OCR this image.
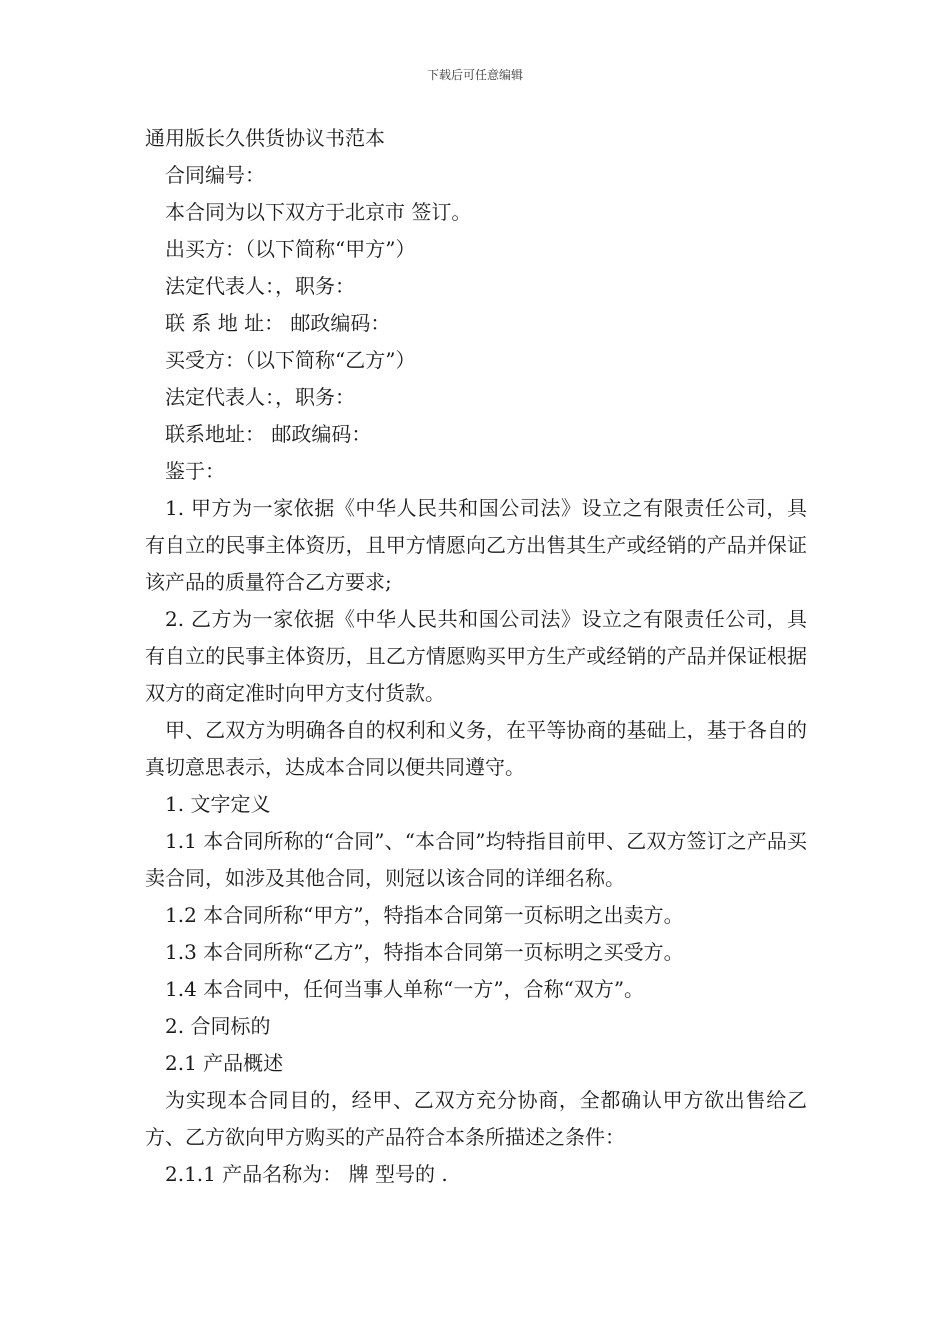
下载后可任意编辑

通用版长久供货协议书范本

合同编号：

本合同为以下双方于北京市 签订。

出买方：（以下简称“甲方”）

法定代表人：，职务：

联 系 地 址： 邮政编码：

买受方：（以下简称“乙方”）

法定代表人：，职务：

联系地址： 邮政编码：

鉴于：

1. 甲方为一家依据《中华人民共和国公司法》设立之有限责任公司，具有自立的民事主体资历，且甲方情愿向乙方出售其生产或经销的产品并保证该产品的质量符合乙方要求;

2. 乙方为一家依据《中华人民共和国公司法》设立之有限责任公司，具有自立的民事主体资历，且乙方情愿购买甲方生产或经销的产品并保证根据双方的商定准时向甲方支付货款。

甲、乙双方为明确各自的权利和义务，在平等协商的基础上，基于各自的真切意思表示，达成本合同以便共同遵守。

1. 文字定义

1.1 本合同所称的“合同”、“本合同”均特指目前甲、乙双方签订之产品买卖合同，如涉及其他合同，则冠以该合同的详细名称。

1.2 本合同所称“甲方”，特指本合同第一页标明之出卖方。

1.3 本合同所称“乙方”，特指本合同第一页标明之买受方。

1.4 本合同中，任何当事人单称“一方”，合称“双方”。

2. 合同标的

2.1 产品概述

为实现本合同目的，经甲、乙双方充分协商，全都确认甲方欲出售给乙方、乙方欲向甲方购买的产品符合本条所描述之条件：

2.1.1 产品名称为： 牌 型号的 .
